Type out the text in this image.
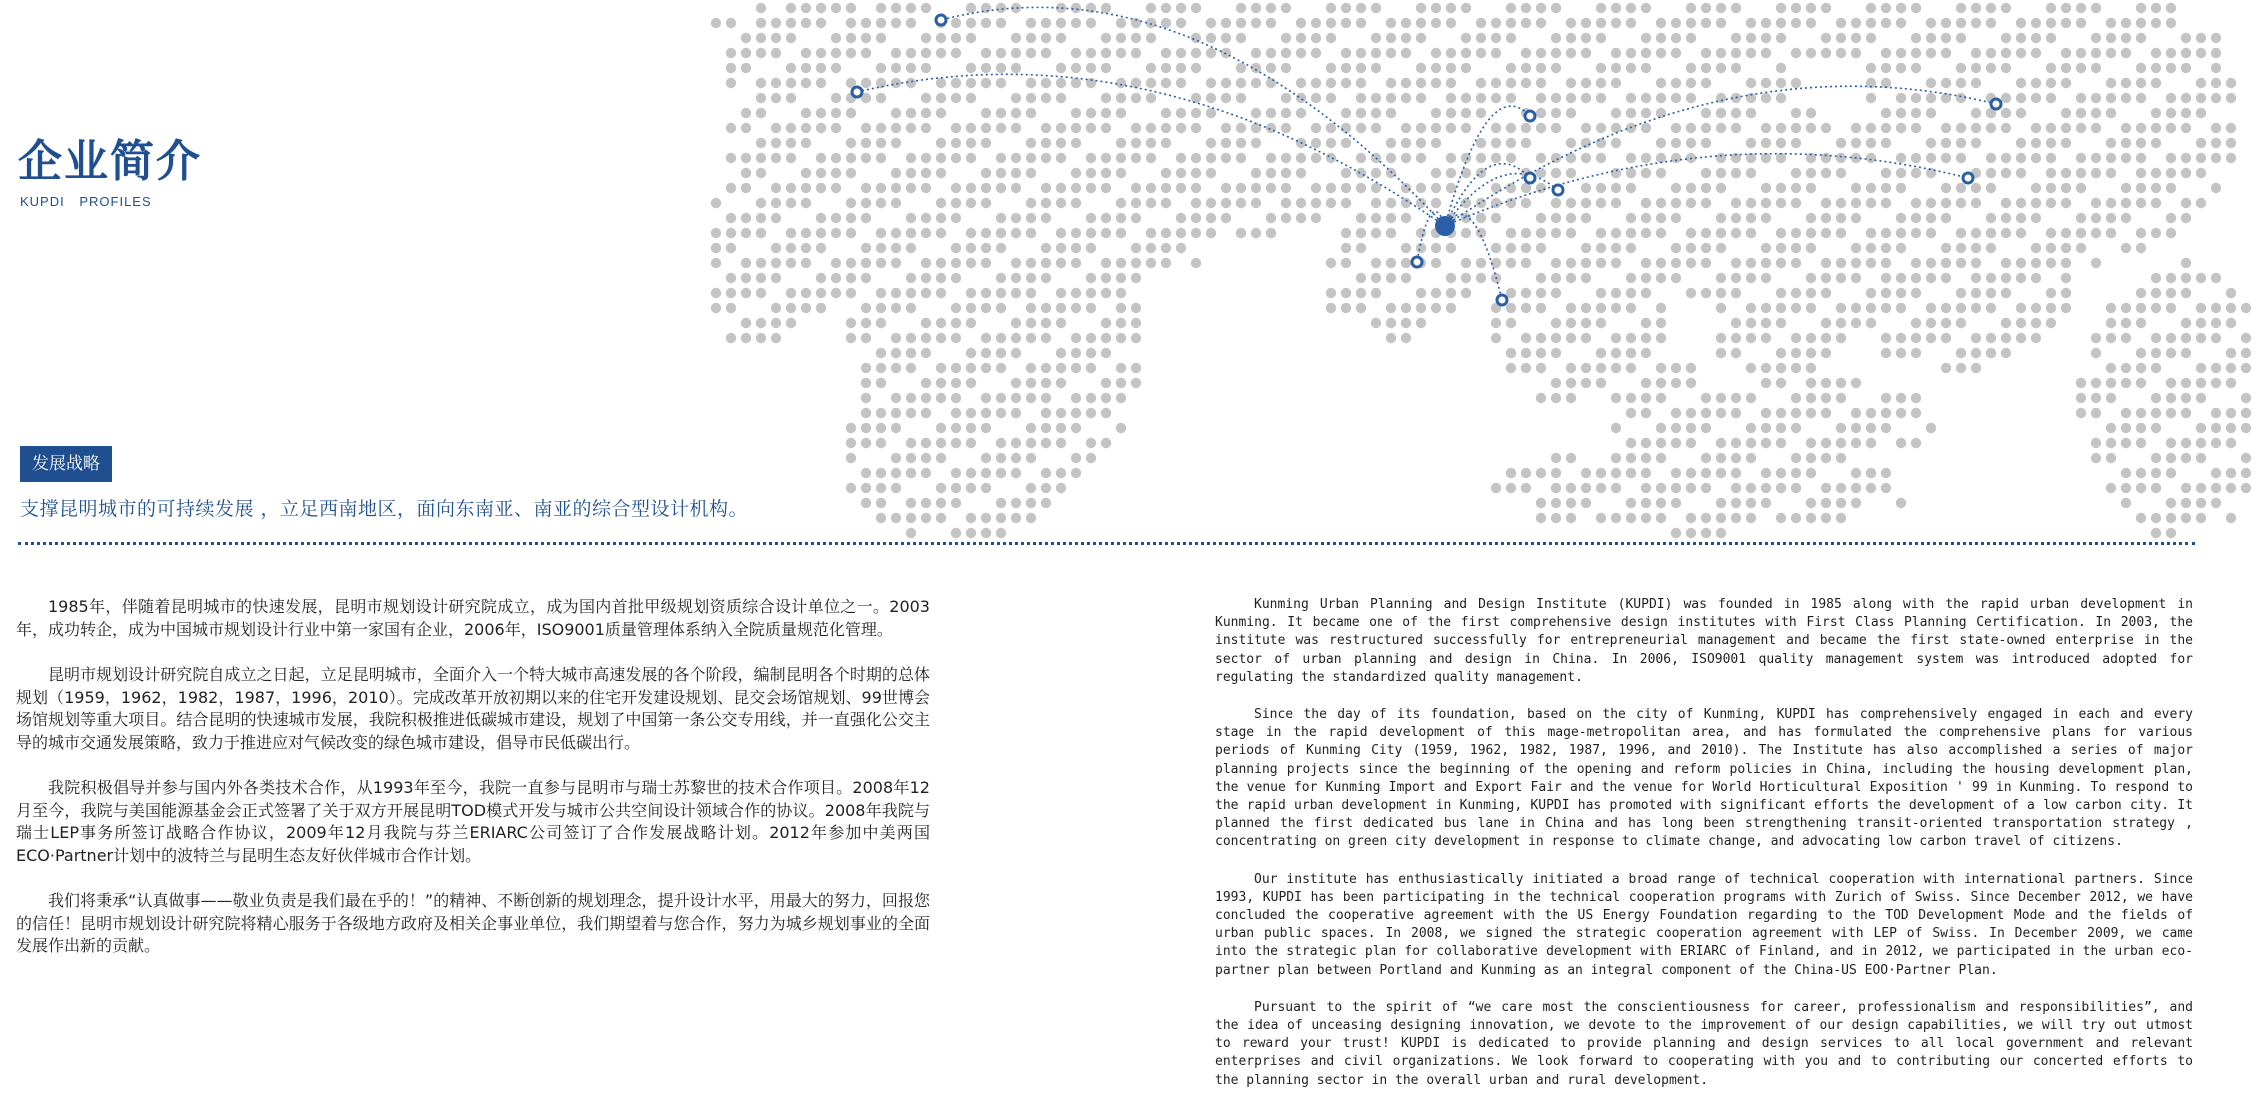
企业简介
KUPDI PROFILES
发展战略
支撑昆明城市的可持续发展 ，立足西南地区，面向东南亚、南亚的综合型设计机构。

1985年，伴随着昆明城市的快速发展，昆明市规划设计研究院成立，成为国内首批甲级规划资质综合设计单位之一。2003年，成功转企，成为中国城市规划设计行业中第一家国有企业，2006年，ISO9001质量管理体系纳入全院质量规范化管理。

昆明市规划设计研究院自成立之日起，立足昆明城市，全面介入一个特大城市高速发展的各个阶段，编制昆明各个时期的总体规划（1959，1962，1982，1987，1996，2010）。完成改革开放初期以来的住宅开发建设规划、昆交会场馆规划、99世博会场馆规划等重大项目。结合昆明的快速城市发展，我院积极推进低碳城市建设，规划了中国第一条公交专用线，并一直强化公交主导的城市交通发展策略，致力于推进应对气候改变的绿色城市建设，倡导市民低碳出行。

我院积极倡导并参与国内外各类技术合作，从1993年至今，我院一直参与昆明市与瑞士苏黎世的技术合作项目。2008年12月至今，我院与美国能源基金会正式签署了关于双方开展昆明TOD模式开发与城市公共空间设计领域合作的协议。2008年我院与瑞士LEP事务所签订战略合作协议，2009年12月我院与芬兰ERIARC公司签订了合作发展战略计划。2012年参加中美两国ECO·Partner计划中的波特兰与昆明生态友好伙伴城市合作计划。

我们将秉承“认真做事——敬业负责是我们最在乎的！”的精神、不断创新的规划理念，提升设计水平，用最大的努力，回报您的信任！昆明市规划设计研究院将精心服务于各级地方政府及相关企事业单位，我们期望着与您合作，努力为城乡规划事业的全面发展作出新的贡献。

Kunming Urban Planning and Design Institute (KUPDI) was founded in 1985 along with the rapid urban development in Kunming. It became one of the first comprehensive design institutes with First Class Planning Certification. In 2003, the institute was restructured successfully for entrepreneurial management and became the first state-owned enterprise in the sector of urban planning and design in China. In 2006, ISO9001 quality management system was introduced adopted for regulating the standardized quality management.

Since the day of its foundation, based on the city of Kunming, KUPDI has comprehensively engaged in each and every stage in the rapid development of this mage-metropolitan area, and has formulated the comprehensive plans for various periods of Kunming City (1959, 1962, 1982, 1987, 1996, and 2010). The Institute has also accomplished a series of major planning projects since the beginning of the opening and reform policies in China, including the housing development plan, the venue for Kunming Import and Export Fair and the venue for World Horticultural Exposition ' 99 in Kunming. To respond to the rapid urban development in Kunming, KUPDI has promoted with significant efforts the development of a low carbon city. It planned the first dedicated bus lane in China and has long been strengthening transit-oriented transportation strategy , concentrating on green city development in response to climate change, and advocating low carbon travel of citizens.

Our institute has enthusiastically initiated a broad range of technical cooperation with international partners. Since 1993, KUPDI has been participating in the technical cooperation programs with Zurich of Swiss. Since December 2012, we have concluded the cooperative agreement with the US Energy Foundation regarding to the TOD Development Mode and the fields of urban public spaces. In 2008, we signed the strategic cooperation agreement with LEP of Swiss. In December 2009, we came into the strategic plan for collaborative development with ERIARC of Finland, and in 2012, we participated in the urban eco-partner plan between Portland and Kunming as an integral component of the China-US EOO·Partner Plan.

Pursuant to the spirit of “we care most the conscientiousness for career, professionalism and responsibilities”, and the idea of unceasing designing innovation, we devote to the improvement of our design capabilities, we will try out utmost to reward your trust! KUPDI is dedicated to provide planning and design services to all local government and relevant enterprises and civil organizations. We look forward to cooperating with you and to contributing our concerted efforts to the planning sector in the overall urban and rural development.
